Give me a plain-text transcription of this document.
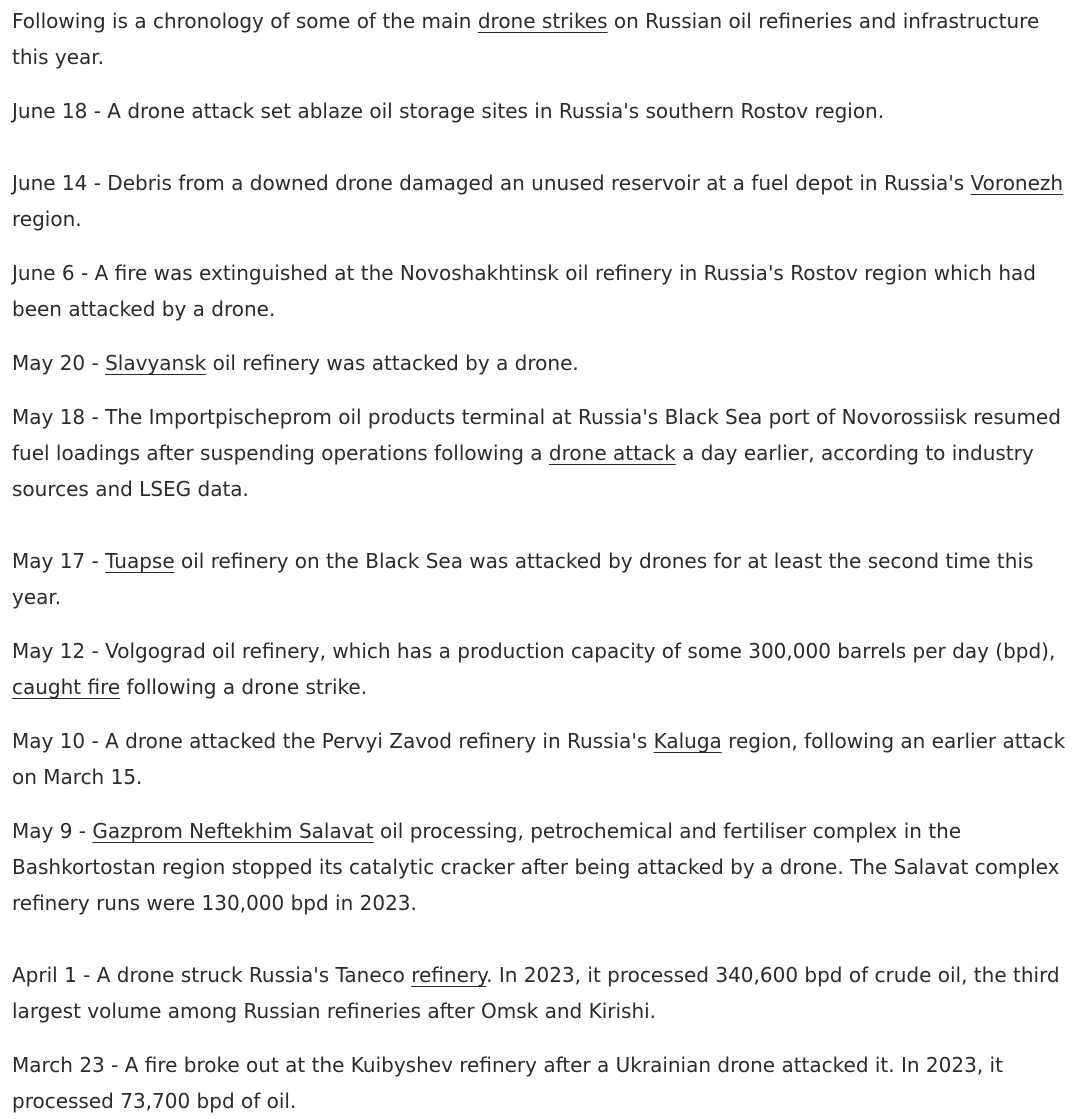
Following is a chronology of some of the main drone strikes on Russian oil refineries and infrastructure this year.

June 18 - A drone attack set ablaze oil storage sites in Russia's southern Rostov region.

June 14 - Debris from a downed drone damaged an unused reservoir at a fuel depot in Russia's Voronezh region.

June 6 - A fire was extinguished at the Novoshakhtinsk oil refinery in Russia's Rostov region which had been attacked by a drone.

May 20 - Slavyansk oil refinery was attacked by a drone.

May 18 - The Importpischeprom oil products terminal at Russia's Black Sea port of Novorossiisk resumed fuel loadings after suspending operations following a drone attack a day earlier, according to industry sources and LSEG data.

May 17 - Tuapse oil refinery on the Black Sea was attacked by drones for at least the second time this year.

May 12 - Volgograd oil refinery, which has a production capacity of some 300,000 barrels per day (bpd), caught fire following a drone strike.

May 10 - A drone attacked the Pervyi Zavod refinery in Russia's Kaluga region, following an earlier attack on March 15.

May 9 - Gazprom Neftekhim Salavat oil processing, petrochemical and fertiliser complex in the Bashkortostan region stopped its catalytic cracker after being attacked by a drone. The Salavat complex refinery runs were 130,000 bpd in 2023.

April 1 - A drone struck Russia's Taneco refinery. In 2023, it processed 340,600 bpd of crude oil, the third largest volume among Russian refineries after Omsk and Kirishi.

March 23 - A fire broke out at the Kuibyshev refinery after a Ukrainian drone attacked it. In 2023, it processed 73,700 bpd of oil.
